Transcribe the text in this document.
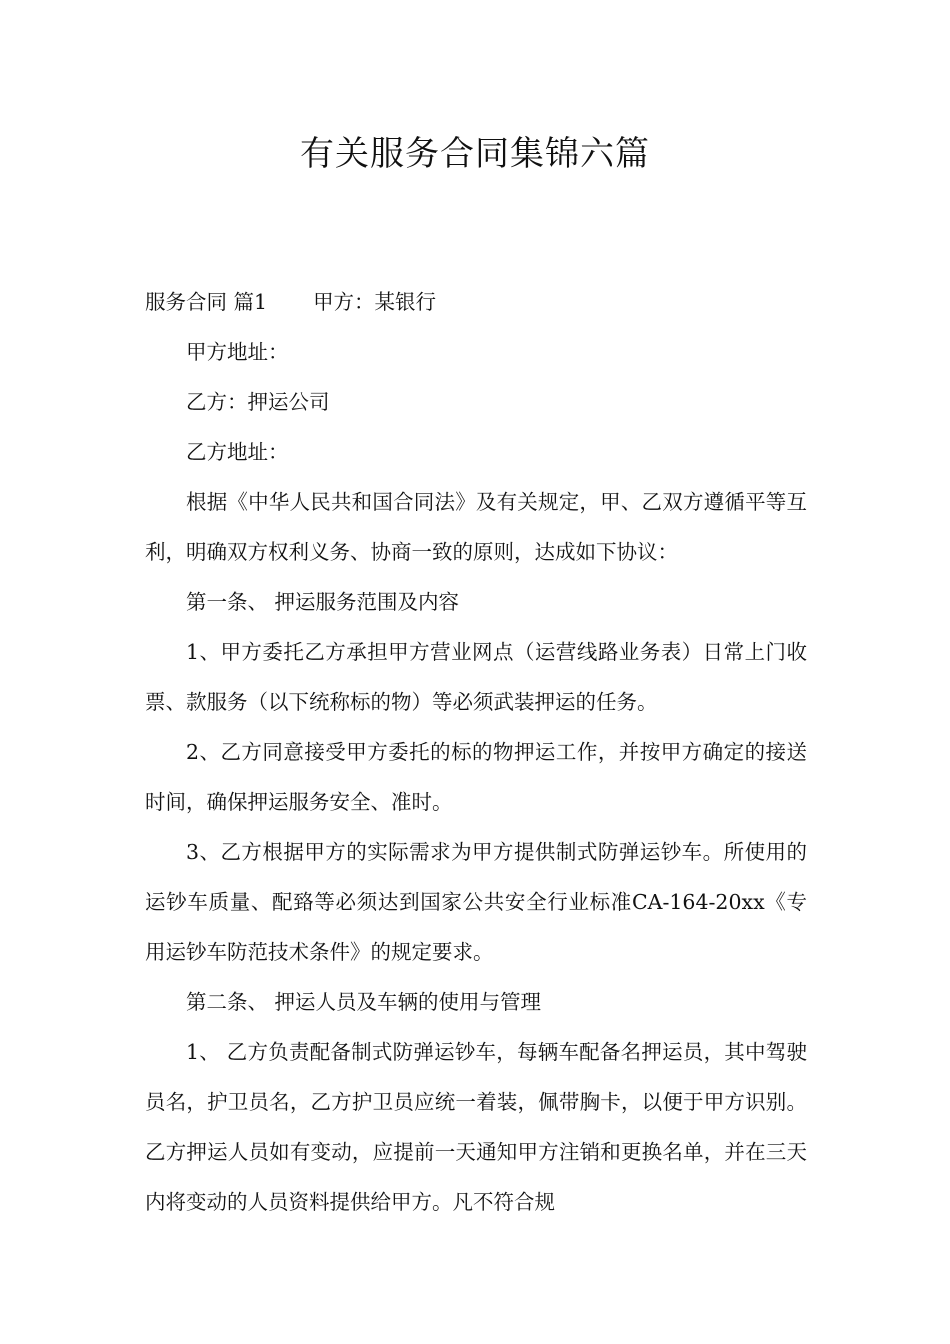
有关服务合同集锦六篇

服务合同 篇1 甲方：某银行

甲方地址：

乙方：押运公司

乙方地址：

根据《中华人民共和国合同法》及有关规定，甲、乙双方遵循平等互利，明确双方权利义务、协商一致的原则，达成如下协议：

第一条、 押运服务范围及内容

1、甲方委托乙方承担甲方营业网点（运营线路业务表）日常上门收票、款服务（以下统称标的物）等必须武装押运的任务。

2、乙方同意接受甲方委托的标的物押运工作，并按甲方确定的接送时间，确保押运服务安全、准时。

3、乙方根据甲方的实际需求为甲方提供制式防弹运钞车。所使用的运钞车质量、配臵等必须达到国家公共安全行业标准CA-164-20xx《专用运钞车防范技术条件》的规定要求。

第二条、 押运人员及车辆的使用与管理

1、 乙方负责配备制式防弹运钞车，每辆车配备名押运员，其中驾驶员名，护卫员名，乙方护卫员应统一着装，佩带胸卡，以便于甲方识别。乙方押运人员如有变动，应提前一天通知甲方注销和更换名单，并在三天内将变动的人员资料提供给甲方。凡不符合规
